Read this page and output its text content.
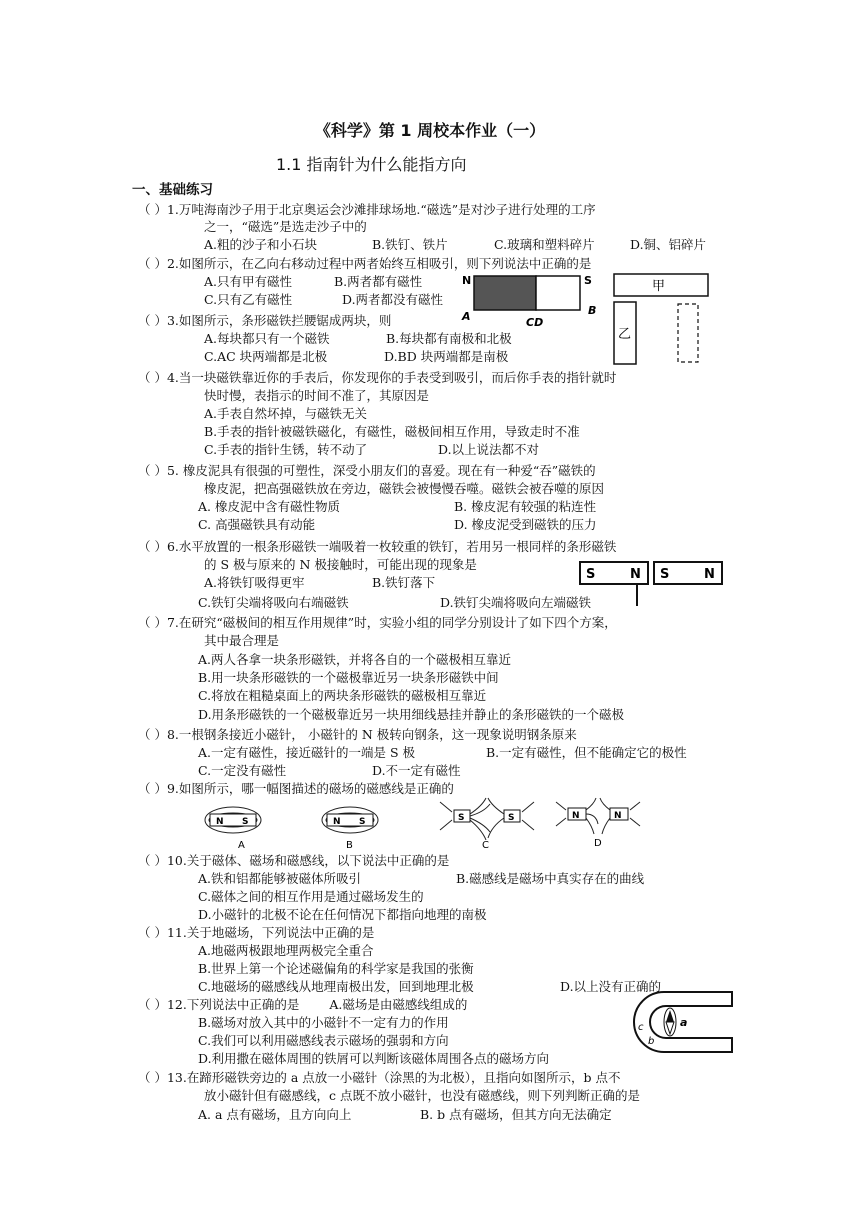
《科学》第 1 周校本作业（一）
1.1 指南针为什么能指方向
一、基础练习
（ ）1.万吨海南沙子用于北京奥运会沙滩排球场地.“磁选”是对沙子进行处理的工序
之一，“磁选”是选走沙子中的
A.粗的沙子和小石块	B.铁钉、铁片	C.玻璃和塑料碎片	D.铜、铝碎片
（ ）2.如图所示，在乙向右移动过程中两者始终互相吸引，则下列说法中正确的是
A.只有甲有磁性	B.两者都有磁性
C.只有乙有磁性	D.两者都没有磁性
（ ）3.如图所示，条形磁铁拦腰锯成两块，则
A.每块都只有一个磁铁	B.每块都有南极和北极
C.AC 块两端都是北极	D.BD 块两端都是南极
N	S
A	B
CD
甲
乙
（ ）4.当一块磁铁靠近你的手表后，你发现你的手表受到吸引，而后你手表的指针就时
快时慢，表指示的时间不准了，其原因是
A.手表自然坏掉，与磁铁无关
B.手表的指针被磁铁磁化，有磁性，磁极间相互作用，导致走时不准
C.手表的指针生锈，转不动了	D.以上说法都不对
（ ）5. 橡皮泥具有很强的可塑性，深受小朋友们的喜爱。现在有一种爱“吞”磁铁的
橡皮泥，把高强磁铁放在旁边，磁铁会被慢慢吞噬。磁铁会被吞噬的原因
A. 橡皮泥中含有磁性物质	B. 橡皮泥有较强的粘连性
C. 高强磁铁具有动能	D. 橡皮泥受到磁铁的压力
（ ）6.水平放置的一根条形磁铁一端吸着一枚较重的铁钉，若用另一根同样的条形磁铁
的 S 极与原来的 N 极接触时，可能出现的现象是
A.将铁钉吸得更牢	B.铁钉落下
C.铁钉尖端将吸向右端磁铁	D.铁钉尖端将吸向左端磁铁
S	N S	N
（ ）7.在研究“磁极间的相互作用规律”时，实验小组的同学分别设计了如下四个方案，
其中最合理是
A.两人各拿一块条形磁铁，并将各自的一个磁极相互靠近
B.用一块条形磁铁的一个磁极靠近另一块条形磁铁中间
C.将放在粗糙桌面上的两块条形磁铁的磁极相互靠近
D.用条形磁铁的一个磁极靠近另一块用细线悬挂并静止的条形磁铁的一个磁极
（ ）8.一根钢条接近小磁针， 小磁针的 N 极转向钢条，这一现象说明钢条原来
A.一定有磁性，接近磁针的一端是 S 极	B.一定有磁性，但不能确定它的极性
C.一定没有磁性	D.不一定有磁性
（ ）9.如图所示，哪一幅图描述的磁场的磁感线是正确的
N S
A
N S
B
S	S
C
N	N
D
（ ）10.关于磁体、磁场和磁感线，以下说法中正确的是
A.铁和铝都能够被磁体所吸引	B.磁感线是磁场中真实存在的曲线
C.磁体之间的相互作用是通过磁场发生的
D.小磁针的北极不论在任何情况下都指向地理的南极
（ ）11.关于地磁场，下列说法中正确的是
A.地磁两极跟地理两极完全重合
B.世界上第一个论述磁偏角的科学家是我国的张衡
C.地磁场的磁感线从地理南极出发，回到地理北极	D.以上没有正确的
（ ）12.下列说法中正确的是 A.磁场是由磁感线组成的
B.磁场对放入其中的小磁针不一定有力的作用
C.我们可以利用磁感线表示磁场的强弱和方向
D.利用撒在磁体周围的铁屑可以判断该磁体周围各点的磁场方向
a
c
b
（ ）13.在蹄形磁铁旁边的 a 点放一小磁针（涂黑的为北极），且指向如图所示，b 点不
放小磁针但有磁感线，c 点既不放小磁针，也没有磁感线，则下列判断正确的是
A. a 点有磁场，且方向向上	B. b 点有磁场，但其方向无法确定
